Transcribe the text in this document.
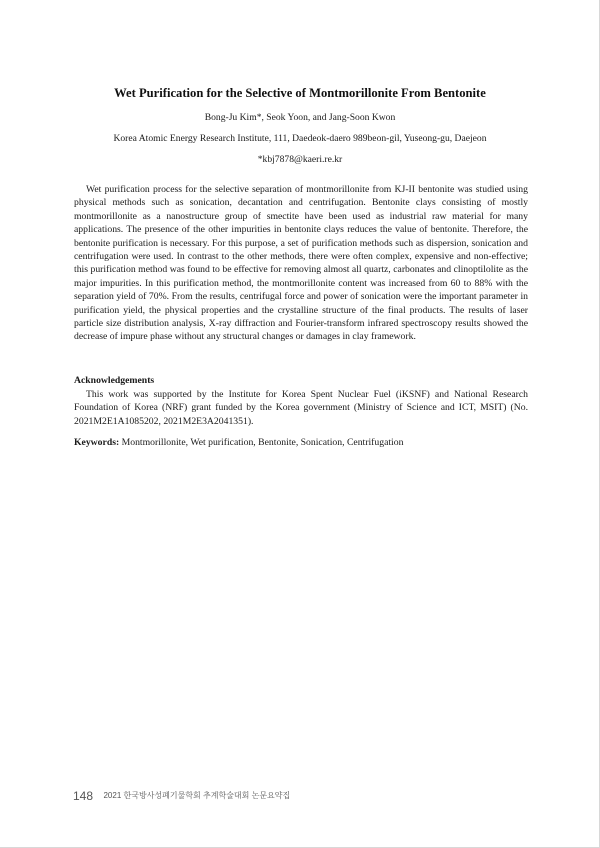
Wet Purification for the Selective of Montmorillonite From Bentonite
Bong-Ju Kim*, Seok Yoon, and Jang-Soon Kwon
Korea Atomic Energy Research Institute, 111, Daedeok-daero 989beon-gil, Yuseong-gu, Daejeon
*kbj7878@kaeri.re.kr

Wet purification process for the selective separation of montmorillonite from KJ-II bentonite was studied using physical methods such as sonication, decantation and centrifugation. Bentonite clays consisting of mostly montmorillonite as a nanostructure group of smectite have been used as industrial raw material for many applications. The presence of the other impurities in bentonite clays reduces the value of bentonite. Therefore, the bentonite purification is necessary. For this purpose, a set of purification methods such as dispersion, sonication and centrifugation were used. In contrast to the other methods, there were often complex, expensive and non-effective; this purification method was found to be effective for removing almost all quartz, carbonates and clinoptilolite as the major impurities. In this purification method, the montmorillonite content was increased from 60 to 88% with the separation yield of 70%. From the results, centrifugal force and power of sonication were the important parameter in purification yield, the physical properties and the crystalline structure of the final products. The results of laser particle size distribution analysis, X-ray diffraction and Fourier-transform infrared spectroscopy results showed the decrease of impure phase without any structural changes or damages in clay framework.

Acknowledgements

This work was supported by the Institute for Korea Spent Nuclear Fuel (iKSNF) and National Research Foundation of Korea (NRF) grant funded by the Korea government (Ministry of Science and ICT, MSIT) (No. 2021M2E1A1085202, 2021M2E3A2041351).

Keywords: Montmorillonite, Wet purification, Bentonite, Sonication, Centrifugation
148 2021 한국방사성폐기물학회 추계학술대회 논문요약집
